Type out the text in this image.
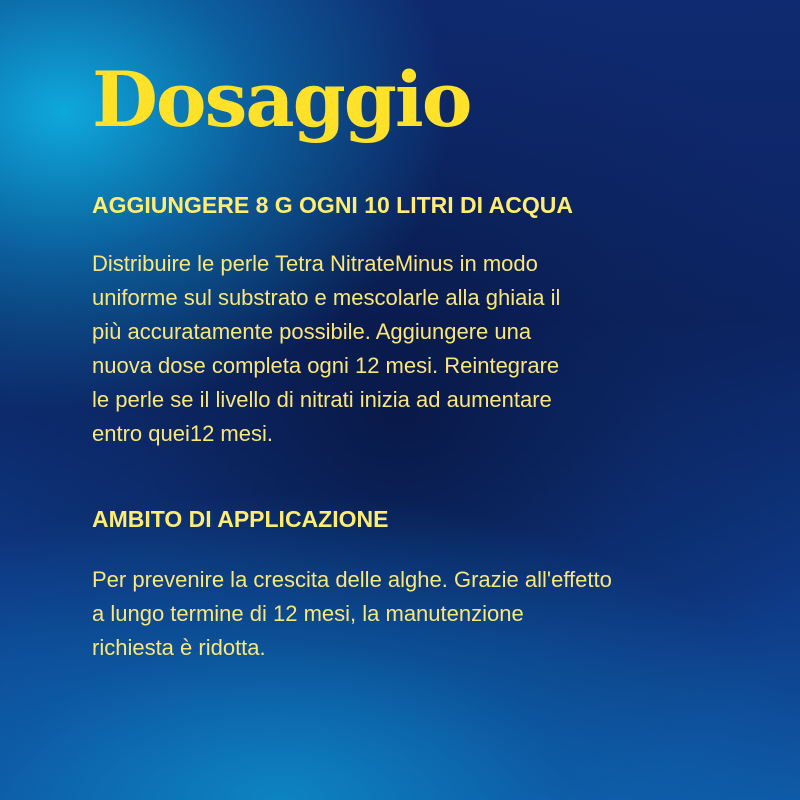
Dosaggio
AGGIUNGERE 8 G OGNI 10 LITRI DI ACQUA

Distribuire le perle Tetra NitrateMinus in modo
uniforme sul substrato e mescolarle alla ghiaia il
più accuratamente possibile. Aggiungere una
nuova dose completa ogni 12 mesi. Reintegrare
le perle se il livello di nitrati inizia ad aumentare
entro quei12 mesi.

AMBITO DI APPLICAZIONE

Per prevenire la crescita delle alghe. Grazie all'effetto
a lungo termine di 12 mesi, la manutenzione
richiesta è ridotta.
